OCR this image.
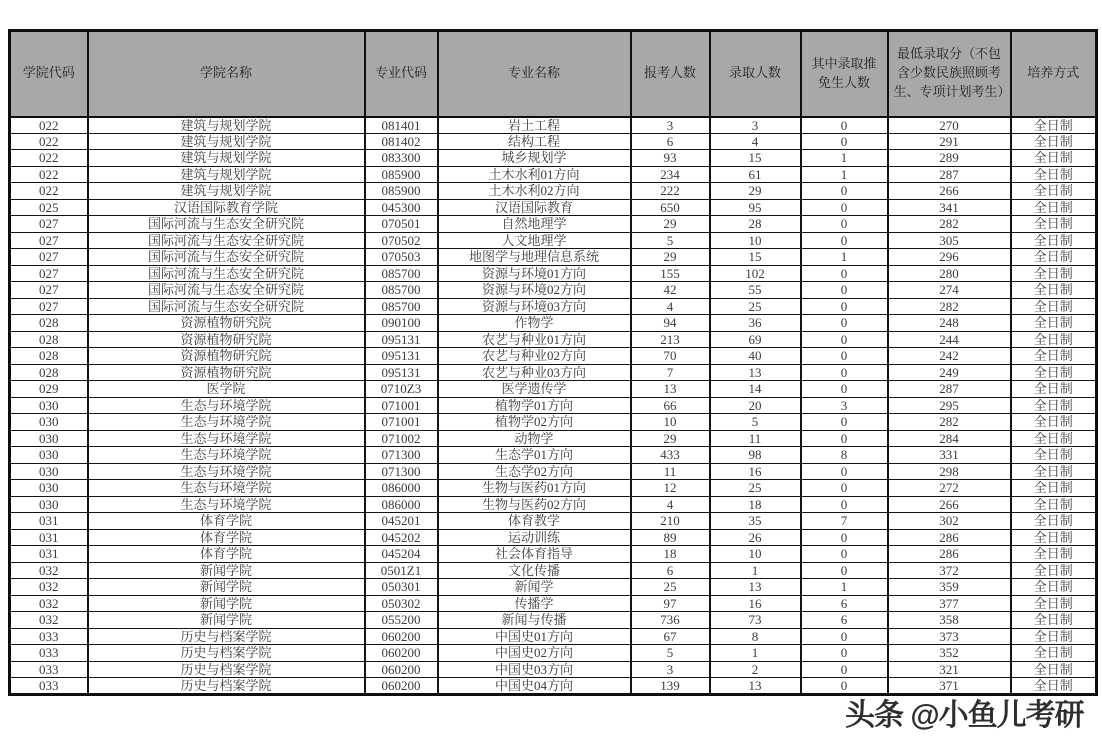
学院代码	学院名称	专业代码	专业名称	报考人数	录取人数	其中录取推免生人数	最低录取分（不包含少数民族照顾考生、专项计划考生）	培养方式
022	建筑与规划学院	081401	岩土工程	3	3	0	270	全日制
022	建筑与规划学院	081402	结构工程	6	4	0	291	全日制
022	建筑与规划学院	083300	城乡规划学	93	15	1	289	全日制
022	建筑与规划学院	085900	土木水利01方向	234	61	1	287	全日制
022	建筑与规划学院	085900	土木水利02方向	222	29	0	266	全日制
025	汉语国际教育学院	045300	汉语国际教育	650	95	0	341	全日制
027	国际河流与生态安全研究院	070501	自然地理学	29	28	0	282	全日制
027	国际河流与生态安全研究院	070502	人文地理学	5	10	0	305	全日制
027	国际河流与生态安全研究院	070503	地图学与地理信息系统	29	15	1	296	全日制
027	国际河流与生态安全研究院	085700	资源与环境01方向	155	102	0	280	全日制
027	国际河流与生态安全研究院	085700	资源与环境02方向	42	55	0	274	全日制
027	国际河流与生态安全研究院	085700	资源与环境03方向	4	25	0	282	全日制
028	资源植物研究院	090100	作物学	94	36	0	248	全日制
028	资源植物研究院	095131	农艺与种业01方向	213	69	0	244	全日制
028	资源植物研究院	095131	农艺与种业02方向	70	40	0	242	全日制
028	资源植物研究院	095131	农艺与种业03方向	7	13	0	249	全日制
029	医学院	0710Z3	医学遗传学	13	14	0	287	全日制
030	生态与环境学院	071001	植物学01方向	66	20	3	295	全日制
030	生态与环境学院	071001	植物学02方向	10	5	0	282	全日制
030	生态与环境学院	071002	动物学	29	11	0	284	全日制
030	生态与环境学院	071300	生态学01方向	433	98	8	331	全日制
030	生态与环境学院	071300	生态学02方向	11	16	0	298	全日制
030	生态与环境学院	086000	生物与医药01方向	12	25	0	272	全日制
030	生态与环境学院	086000	生物与医药02方向	4	18	0	266	全日制
031	体育学院	045201	体育教学	210	35	7	302	全日制
031	体育学院	045202	运动训练	89	26	0	286	全日制
031	体育学院	045204	社会体育指导	18	10	0	286	全日制
032	新闻学院	0501Z1	文化传播	6	1	0	372	全日制
032	新闻学院	050301	新闻学	25	13	1	359	全日制
032	新闻学院	050302	传播学	97	16	6	377	全日制
032	新闻学院	055200	新闻与传播	736	73	6	358	全日制
033	历史与档案学院	060200	中国史01方向	67	8	0	373	全日制
033	历史与档案学院	060200	中国史02方向	5	1	0	352	全日制
033	历史与档案学院	060200	中国史03方向	3	2	0	321	全日制
033	历史与档案学院	060200	中国史04方向	139	13	0	371	全日制
头条 @小鱼儿考研
